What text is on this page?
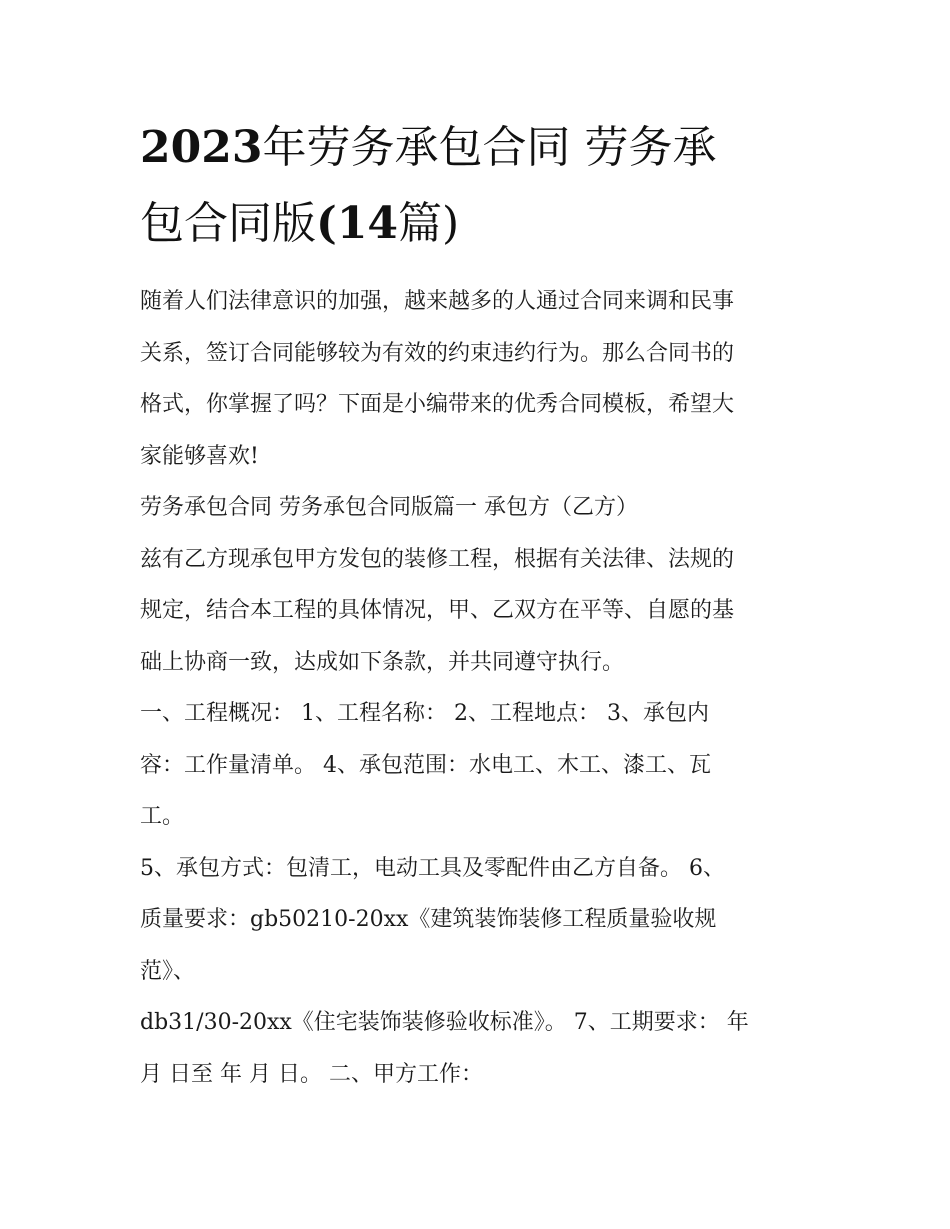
2023年劳务承包合同 劳务承
包合同版(14篇)

随着人们法律意识的加强，越来越多的人通过合同来调和民事
关系，签订合同能够较为有效的约束违约行为。那么合同书的
格式，你掌握了吗？下面是小编带来的优秀合同模板，希望大
家能够喜欢!

劳务承包合同 劳务承包合同版篇一 承包方（乙方）

兹有乙方现承包甲方发包的装修工程，根据有关法律、法规的
规定，结合本工程的具体情况，甲、乙双方在平等、自愿的基
础上协商一致，达成如下条款，并共同遵守执行。

一、工程概况： 1、工程名称： 2、工程地点： 3、承包内
容：工作量清单。 4、承包范围：水电工、木工、漆工、瓦
工。

5、承包方式：包清工，电动工具及零配件由乙方自备。 6、
质量要求：gb50210-20xx《建筑装饰装修工程质量验收规
范》、

db31/30-20xx《住宅装饰装修验收标准》。 7、工期要求： 年
月 日至 年 月 日。 二、甲方工作：
